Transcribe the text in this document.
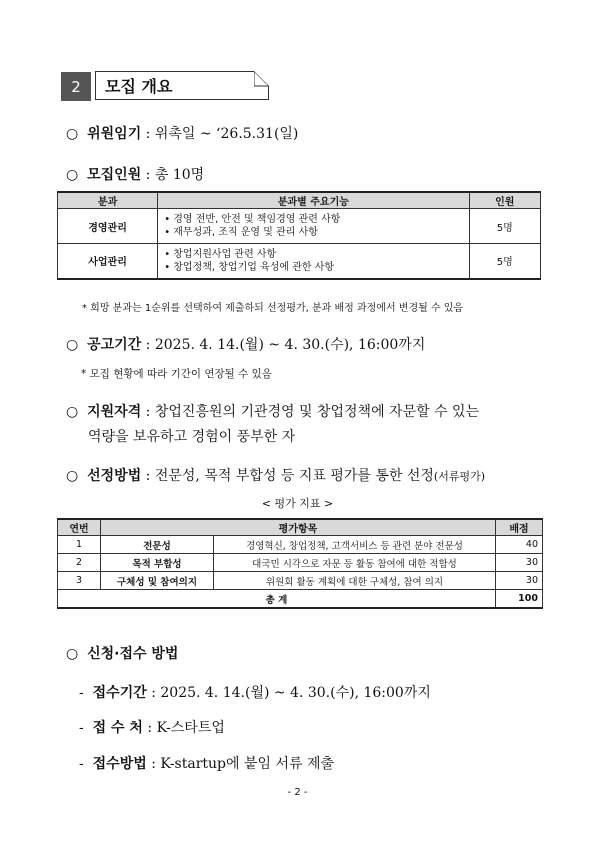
2	모집 개요
○ 위원임기 : 위촉일 ~ ‘26.5.31(일)
○ 모집인원 : 총 10명
분과	분과별 주요기능	인원
경영관리	• 경영 전반, 안전 및 책임경영 관련 사항
• 재무성과, 조직 운영 및 관리 사항	5명
사업관리	• 창업지원사업 관련 사항
• 창업정책, 창업기업 육성에 관한 사항	5명
* 희망 분과는 1순위를 선택하여 제출하되 선정평가, 분과 배정 과정에서 변경될 수 있음
○ 공고기간 : 2025. 4. 14.(월) ~ 4. 30.(수), 16:00까지
* 모집 현황에 따라 기간이 연장될 수 있음
○ 지원자격 : 창업진흥원의 기관경영 및 창업정책에 자문할 수 있는
역량을 보유하고 경험이 풍부한 자
○ 선정방법 : 전문성, 목적 부합성 등 지표 평가를 통한 선정(서류평가)
< 평가 지표 >
연번	평가항목		배점
1	전문성	경영혁신, 창업정책, 고객서비스 등 관련 분야 전문성	40
2	목적 부합성	대국민 시각으로 자문 등 활동 참여에 대한 적합성	30
3	구체성 및 참여의지	위원회 활동 계획에 대한 구체성, 참여 의지	30
총 계			100
○ 신청·접수 방법
- 접수기간 : 2025. 4. 14.(월) ~ 4. 30.(수), 16:00까지
- 접 수 처 : K-스타트업
- 접수방법 : K-startup에 붙임 서류 제출
- 2 -
